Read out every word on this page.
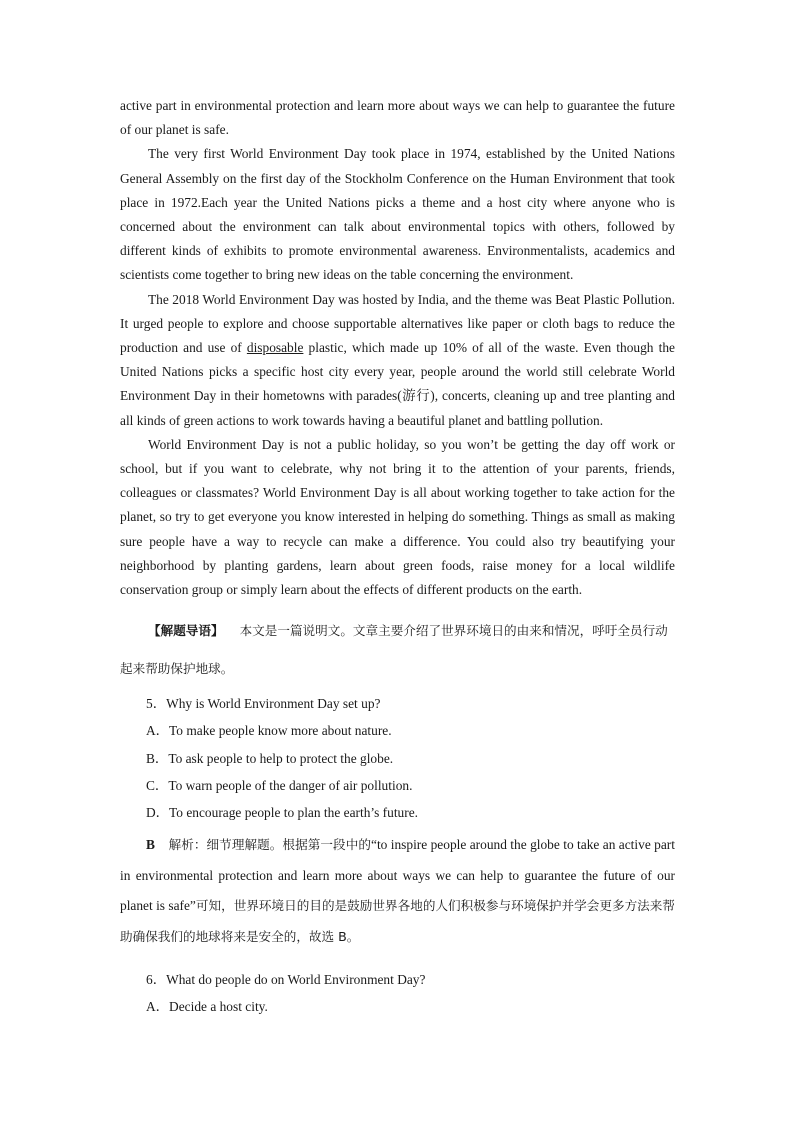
active part in environmental protection and learn more about ways we can help to guarantee the future of our planet is safe.

The very first World Environment Day took place in 1974, established by the United Nations General Assembly on the first day of the Stockholm Conference on the Human Environment that took place in 1972.Each year the United Nations picks a theme and a host city where anyone who is concerned about the environment can talk about environmental topics with others, followed by different kinds of exhibits to promote environmental awareness. Environmentalists, academics and scientists come together to bring new ideas on the table concerning the environment.

The 2018 World Environment Day was hosted by India, and the theme was Beat Plastic Pollution. It urged people to explore and choose supportable alternatives like paper or cloth bags to reduce the production and use of disposable plastic, which made up 10% of all of the waste. Even though the United Nations picks a specific host city every year, people around the world still celebrate World Environment Day in their hometowns with parades(游行), concerts, cleaning up and tree planting and all kinds of green actions to work towards having a beautiful planet and battling pollution.

World Environment Day is not a public holiday, so you won’t be getting the day off work or school, but if you want to celebrate, why not bring it to the attention of your parents, friends, colleagues or classmates? World Environment Day is all about working together to take action for the planet, so try to get everyone you know interested in helping do something. Things as small as making sure people have a way to recycle can make a difference. You could also try beautifying your neighborhood by planting gardens, learn about green foods, raise money for a local wildlife conservation group or simply learn about the effects of different products on the earth.

【解题导语】 本文是一篇说明文。文章主要介绍了世界环境日的由来和情况，呼吁全员行动起来帮助保护地球。

5．Why is World Environment Day set up?

A．To make people know more about nature.

B．To ask people to help to protect the globe.

C．To warn people of the danger of air pollution.

D．To encourage people to plan the earth’s future.

B 解析：细节理解题。根据第一段中的“to inspire people around the globe to take an active part in environmental protection and learn more about ways we can help to guarantee the future of our planet is safe”可知，世界环境日的目的是鼓励世界各地的人们积极参与环境保护并学会更多方法来帮助确保我们的地球将来是安全的，故选 B。

6．What do people do on World Environment Day?

A．Decide a host city.
